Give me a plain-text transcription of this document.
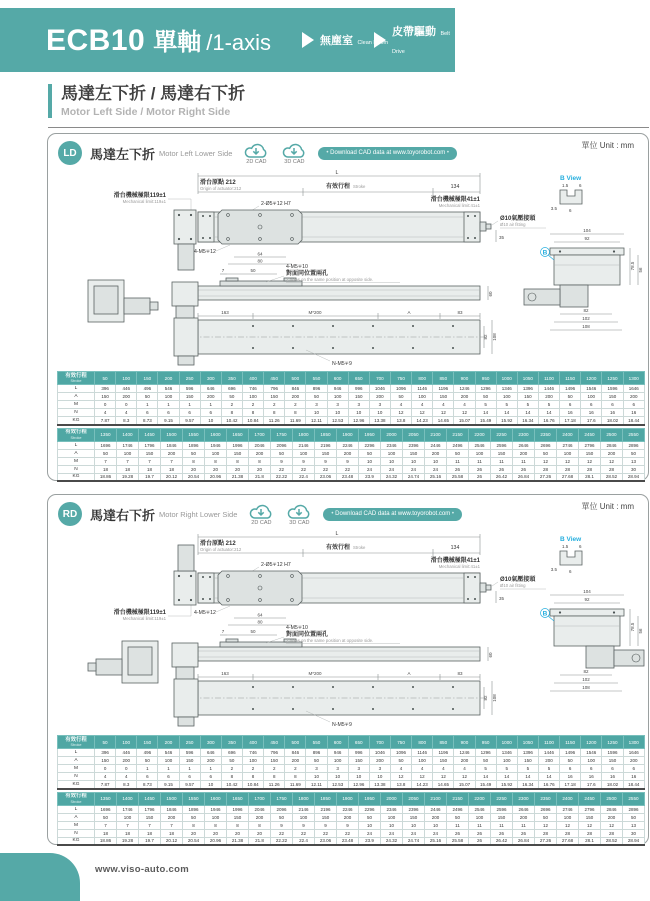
ECB10 單軸 /1-axis	無塵室 Clean Room
皮帶驅動 Belt Drive
馬達左下折 / 馬達右下折
Motor Left Side / Motor Right Side
LD	馬達左下折 Motor Left Lower Side
2D CAD	3D CAD
• Download CAD data at www.toyorobot.com •
單位 Unit : mm
L
滑台原點 212
Origin of actuator:212	有效行程 Stroke	134
滑台機械極限41±1
Mechanical limit:41±1
滑台機械極限119±1
Mechanical limit:119±1	2-Ø5∓12 H7
4-M5∓12	64
80
Ø10氣壓接頭
Ø10 air fitting
35
7	50
4-M5∓10
對面同位置兩孔
2 holes on the same position at opposite side.
60
163	M*200	A	83
N-M5∓9
82 108
B View
1.5 6
3.5	6
104
92
B
78.5 56
82
102
108
有效行程
Stroke	50	100	150	200	250	300	350	400	450	500	550	600	650	700	750	800	850	900	950	1000	1050	1100	1150	1200	1250	1300
L	396	446	496	546	596	646	696	746	796	846	896	946	996	1046	1096	1146	1196	1246	1296	1346	1396	1446	1496	1546	1596	1646
A	150	200	50	100	150	200	50	100	150	200	50	100	150	200	50	100	150	200	50	100	150	200	50	100	150	200
M	0	0	1	1	1	1	2	2	2	2	3	3	3	3	4	4	4	4	5	5	5	5	6	6	6	6
N	4	4	6	6	6	6	8	8	8	8	10	10	10	10	12	12	12	12	14	14	14	14	16	16	16	16
KG	7.87	8.3	8.73	9.15	9.57	10	10.42	10.84	11.26	11.69	12.11	12.53	12.96	13.38	13.8	14.23	14.65	15.07	15.49	15.92	16.34	16.76	17.18	17.6	18.02	18.44
有效行程
Stroke	1350	1400	1450	1500	1550	1600	1650	1700	1750	1800	1850	1900	1950	2000	2050	2100	2150	2200	2250	2300	2350	2400	2450	2500	2550
L	1696	1746	1796	1846	1896	1946	1996	2046	2096	2146	2196	2246	2296	2346	2396	2446	2496	2546	2596	2646	2696	2746	2796	2846	2896
A	50	100	150	200	50	100	150	200	50	100	150	200	50	100	150	200	50	100	150	200	50	100	150	200	50
M	7	7	7	7	8	8	8	8	9	9	9	9	10	10	10	10	11	11	11	11	12	12	12	12	13
N	18	18	18	18	20	20	20	20	22	22	22	22	24	24	24	24	26	26	26	26	28	28	28	28	30
KG	18.86	19.28	19.7	20.12	20.54	20.96	21.38	21.8	22.22	22.4	23.06	23.48	23.9	24.32	24.74	25.16	25.58	26	26.42	26.84	27.26	27.68	28.1	28.52	28.94
RD 馬達右下折 Motor Right Lower Side
2D CAD	3D CAD
• Download CAD data at www.toyorobot.com •
單位 Unit : mm
L
滑台原點 212
Origin of actuator:212	有效行程 Stroke	134
滑台機械極限41±1
Mechanical limit:41±1
滑台機械極限119±1
Mechanical limit:119±1
2-Ø5∓12 H7
4-M5∓12	64
80
Ø10氣壓接頭
Ø10 air fitting
35
7	50
4-M5∓10
對面同位置兩孔
2 holes on the same position at opposite side.
60
163	M*200	A	83
N-M5∓9
82 108
B View
1.5 6
3.5	6
104
92
B
78.5 56
82
102
108
有效行程
Stroke	50	100	150	200	250	300	350	400	450	500	550	600	650	700	750	800	850	900	950	1000	1050	1100	1150	1200	1250	1300
L	396	446	496	546	596	646	696	746	796	846	896	946	996	1046	1096	1146	1196	1246	1296	1346	1396	1446	1496	1546	1596	1646
A	150	200	50	100	150	200	50	100	150	200	50	100	150	200	50	100	150	200	50	100	150	200	50	100	150	200
M	0	0	1	1	1	1	2	2	2	2	3	3	3	3	4	4	4	4	5	5	5	5	6	6	6	6
N	4	4	6	6	6	6	8	8	8	8	10	10	10	10	12	12	12	12	14	14	14	14	16	16	16	16
KG	7.87	8.3	8.73	9.15	9.57	10	10.42	10.84	11.26	11.69	12.11	12.53	12.96	13.38	13.8	14.23	14.65	15.07	15.49	15.92	16.34	16.76	17.18	17.6	18.02	18.44
有效行程
Stroke	1350	1400	1450	1500	1550	1600	1650	1700	1750	1800	1850	1900	1950	2000	2050	2100	2150	2200	2250	2300	2350	2400	2450	2500	2550
L	1696	1746	1796	1846	1896	1946	1996	2046	2096	2146	2196	2246	2296	2346	2396	2446	2496	2546	2596	2646	2696	2746	2796	2846	2896
A	50	100	150	200	50	100	150	200	50	100	150	200	50	100	150	200	50	100	150	200	50	100	150	200	50
M	7	7	7	7	8	8	8	8	9	9	9	9	10	10	10	10	11	11	11	11	12	12	12	12	13
N	18	18	18	18	20	20	20	20	22	22	22	22	24	24	24	24	26	26	26	26	28	28	28	28	30
KG	18.86	19.28	19.7	20.12	20.54	20.96	21.38	21.8	22.22	22.4	23.06	23.48	23.9	24.32	24.74	25.16	25.58	26	26.42	26.84	27.26	27.68	28.1	28.52	28.94
www.viso-auto.com
